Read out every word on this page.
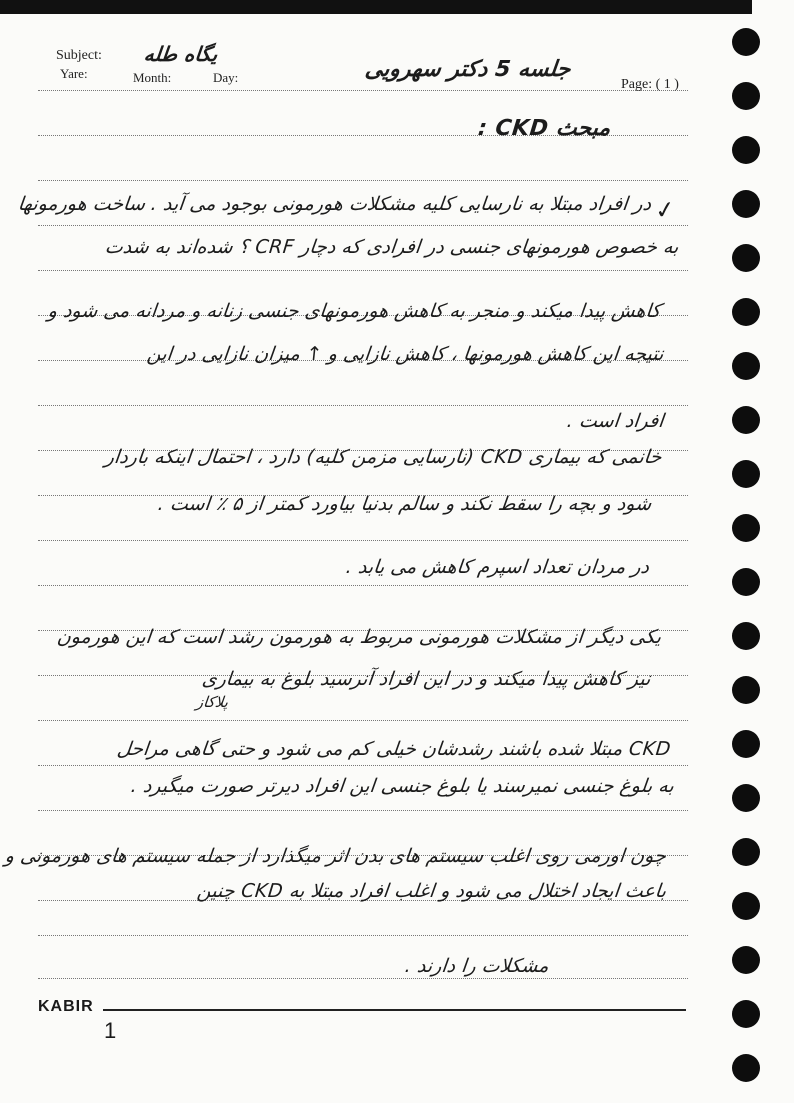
Subject: یگاه طله
Yare:	Month:	Day:	جلسه 5 دکتر سهرویی
Page: ( 1 )
مبحث CKD :
✓
در افراد مبتلا به نارسایی کلیه مشکلات هورمونی بوجود می آید . ساخت هورمونها
به خصوص هورمونهای جنسی در افرادی که دچار CRF ؟ شده‌اند به شدت
کاهش پیدا میکند و منجر به کاهش هورمونهای جنسی زنانه و مردانه می شود و
نتیجه این کاهش هورمونها ، کاهش نازایی و ↑ میزان نازایی در این
افراد است .
خانمی که بیماری CKD (نارسایی مزمن کلیه) دارد ، احتمال اینکه باردار
شود و بچه را سقط نکند و سالم بدنیا بیاورد کمتر از ۵ ٪ است .
در مردان تعداد اسپرم کاهش می یابد .
یکی دیگر از مشکلات هورمونی مربوط به هورمون رشد است که این هورمون
نیز کاهش پیدا میکند و در این افراد آنرسید بلوغ به بیماری
پلاکاز
CKD مبتلا شده باشند رشدشان خیلی کم می شود و حتی گاهی مراحل
به بلوغ جنسی نمیرسند یا بلوغ جنسی این افراد دیرتر صورت میگیرد .
چون اورمی روی اغلب سیستم های بدن اثر میگذارد از جمله سیستم های هورمونی و
باعث ایجاد اختلال می شود و اغلب افراد مبتلا به CKD چنین
مشکلات را دارند .
KABIR
1
